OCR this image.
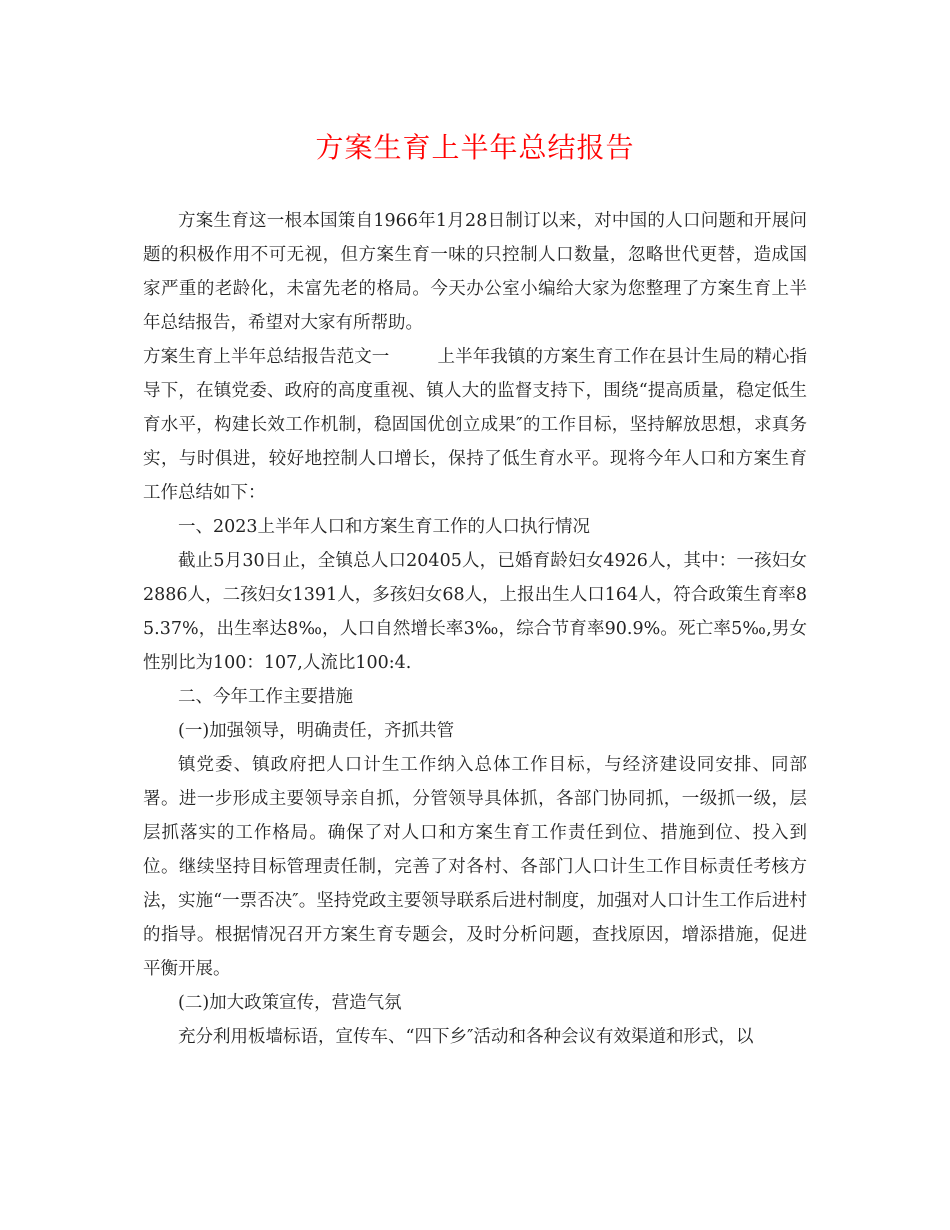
方案生育上半年总结报告

方案生育这一根本国策自1966年1月28日制订以来，对中国的人口问题和开展问题的积极作用不可无视，但方案生育一味的只控制人口数量，忽略世代更替，造成国家严重的老龄化，未富先老的格局。今天办公室小编给大家为您整理了方案生育上半年总结报告，希望对大家有所帮助。

方案生育上半年总结报告范文一	上半年我镇的方案生育工作在县计生局的精心指导下，在镇党委、政府的高度重视、镇人大的监督支持下，围绕“提高质量，稳定低生育水平，构建长效工作机制，稳固国优创立成果″的工作目标，坚持解放思想，求真务实，与时俱进，较好地控制人口增长，保持了低生育水平。现将今年人口和方案生育工作总结如下：

一、2023上半年人口和方案生育工作的人口执行情况

截止5月30日止，全镇总人口20405人，已婚育龄妇女4926人，其中：一孩妇女2886人，二孩妇女1391人，多孩妇女68人，上报出生人口164人，符合政策生育率85.37%，出生率达8‰，人口自然增长率3‰，综合节育率90.9%。死亡率5‰,男女性别比为100：107,人流比100:4.

二、今年工作主要措施

(一)加强领导，明确责任，齐抓共管

镇党委、镇政府把人口计生工作纳入总体工作目标，与经济建设同安排、同部署。进一步形成主要领导亲自抓，分管领导具体抓，各部门协同抓，一级抓一级，层层抓落实的工作格局。确保了对人口和方案生育工作责任到位、措施到位、投入到位。继续坚持目标管理责任制，完善了对各村、各部门人口计生工作目标责任考核方法，实施“一票否决″。坚持党政主要领导联系后进村制度，加强对人口计生工作后进村的指导。根据情况召开方案生育专题会，及时分析问题，查找原因，增添措施，促进平衡开展。

(二)加大政策宣传，营造气氛

充分利用板墙标语，宣传车、“四下乡″活动和各种会议有效渠道和形式，以
